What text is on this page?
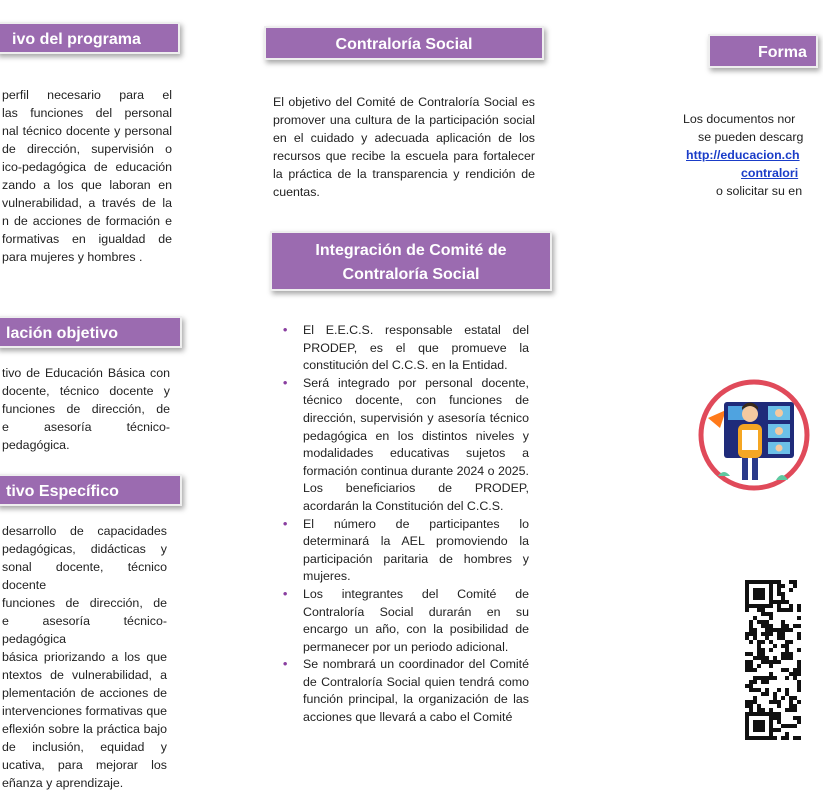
ivo del programa
perfil necesario para el
las funciones del personal
nal técnico docente y personal
de dirección, supervisión o
ico-pedagógica de educación
zando a los que laboran en
vulnerabilidad, a través de la
n de acciones de formación e
formativas en igualdad de
para mujeres y hombres .
lación objetivo
tivo de Educación Básica con
docente, técnico docente y
funciones de dirección, de
e asesoría técnico-pedagógica.
tivo Específico
desarrollo de capacidades
pedagógicas, didácticas y
sonal docente, técnico docente
funciones de dirección, de
e asesoría técnico-pedagógica
básica priorizando a los que
ntextos de vulnerabilidad, a
plementación de acciones de
intervenciones formativas que
eflexión sobre la práctica bajo
de inclusión, equidad y
ucativa, para mejorar los
eñanza y aprendizaje.
Contraloría Social

El objetivo del Comité de Contraloría Social es promover una cultura de la participación social en el cuidado y adecuada aplicación de los recursos que recibe la escuela para fortalecer la práctica de la transparencia y rendición de cuentas.

Integración de Comité de
Contraloría Social
• El E.E.C.S. responsable estatal del PRODEP, es el que promueve la constitución del C.C.S. en la Entidad.
• Será integrado por personal docente, técnico docente, con funciones de dirección, supervisión y asesoría técnico pedagógica en los distintos niveles y modalidades educativas sujetos a formación continua durante 2024 o 2025. Los beneficiarios de PRODEP, acordarán la Constitución del C.C.S.
• El número de participantes lo determinará la AEL promoviendo la participación paritaria de hombres y mujeres.
• Los integrantes del Comité de Contraloría Social durarán en su encargo un año, con la posibilidad de permanecer por un periodo adicional.
• Se nombrará un coordinador del Comité de Contraloría Social quien tendrá como función principal, la organización de las acciones que llevará a cabo el Comité
Forma
Los documentos nor
se pueden descarg
http://educacion.ch
contralori
o solicitar su en
